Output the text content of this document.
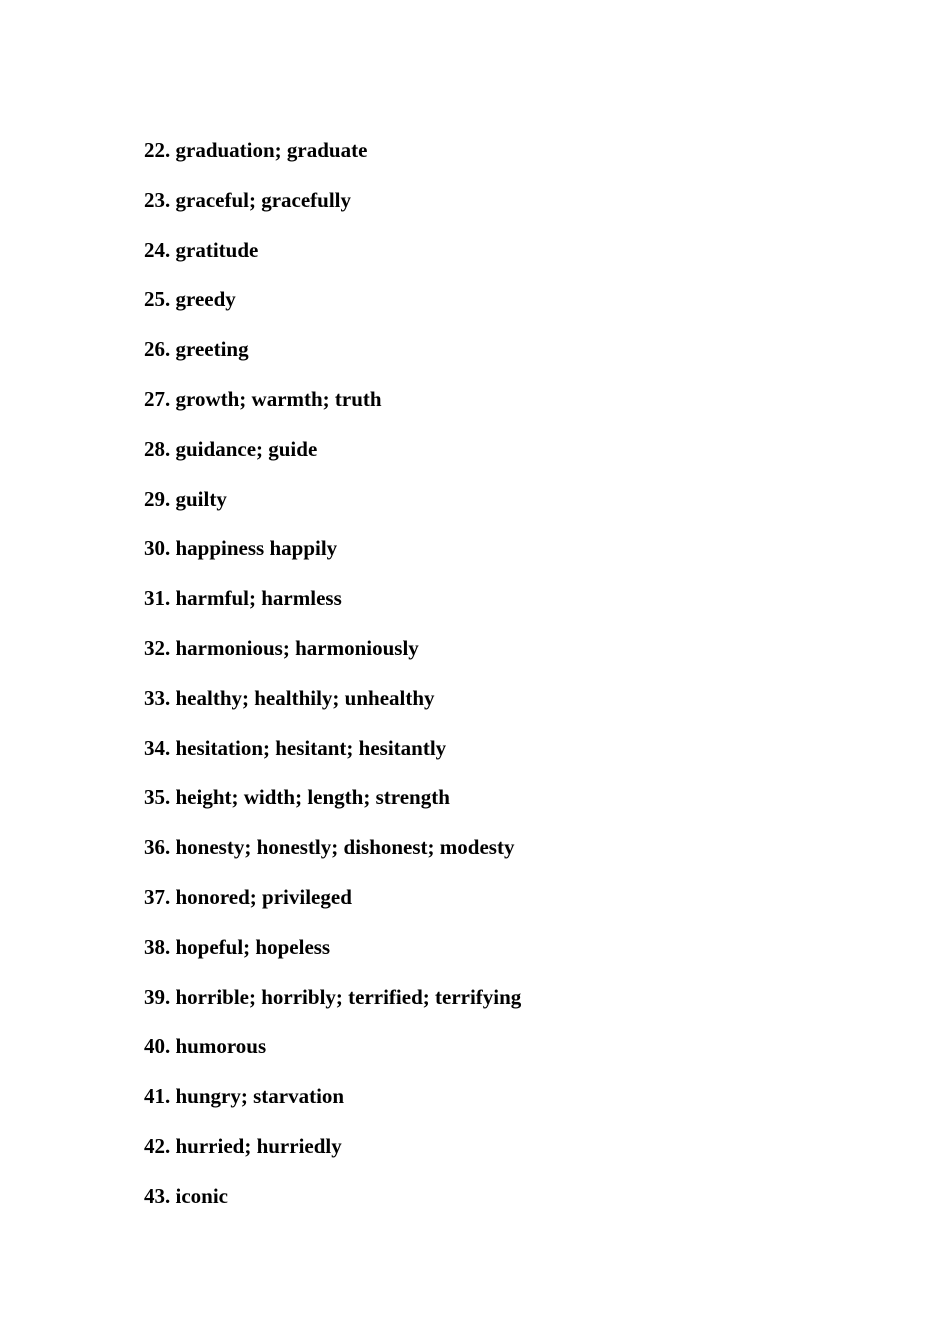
22. graduation; graduate
23. graceful; gracefully
24. gratitude
25. greedy
26. greeting
27. growth; warmth; truth
28. guidance; guide
29. guilty
30. happiness happily
31. harmful; harmless
32. harmonious; harmoniously
33. healthy; healthily; unhealthy
34. hesitation; hesitant; hesitantly
35. height; width; length; strength
36. honesty; honestly; dishonest; modesty
37. honored; privileged
38. hopeful; hopeless
39. horrible; horribly; terrified; terrifying
40. humorous
41. hungry; starvation
42. hurried; hurriedly
43. iconic
